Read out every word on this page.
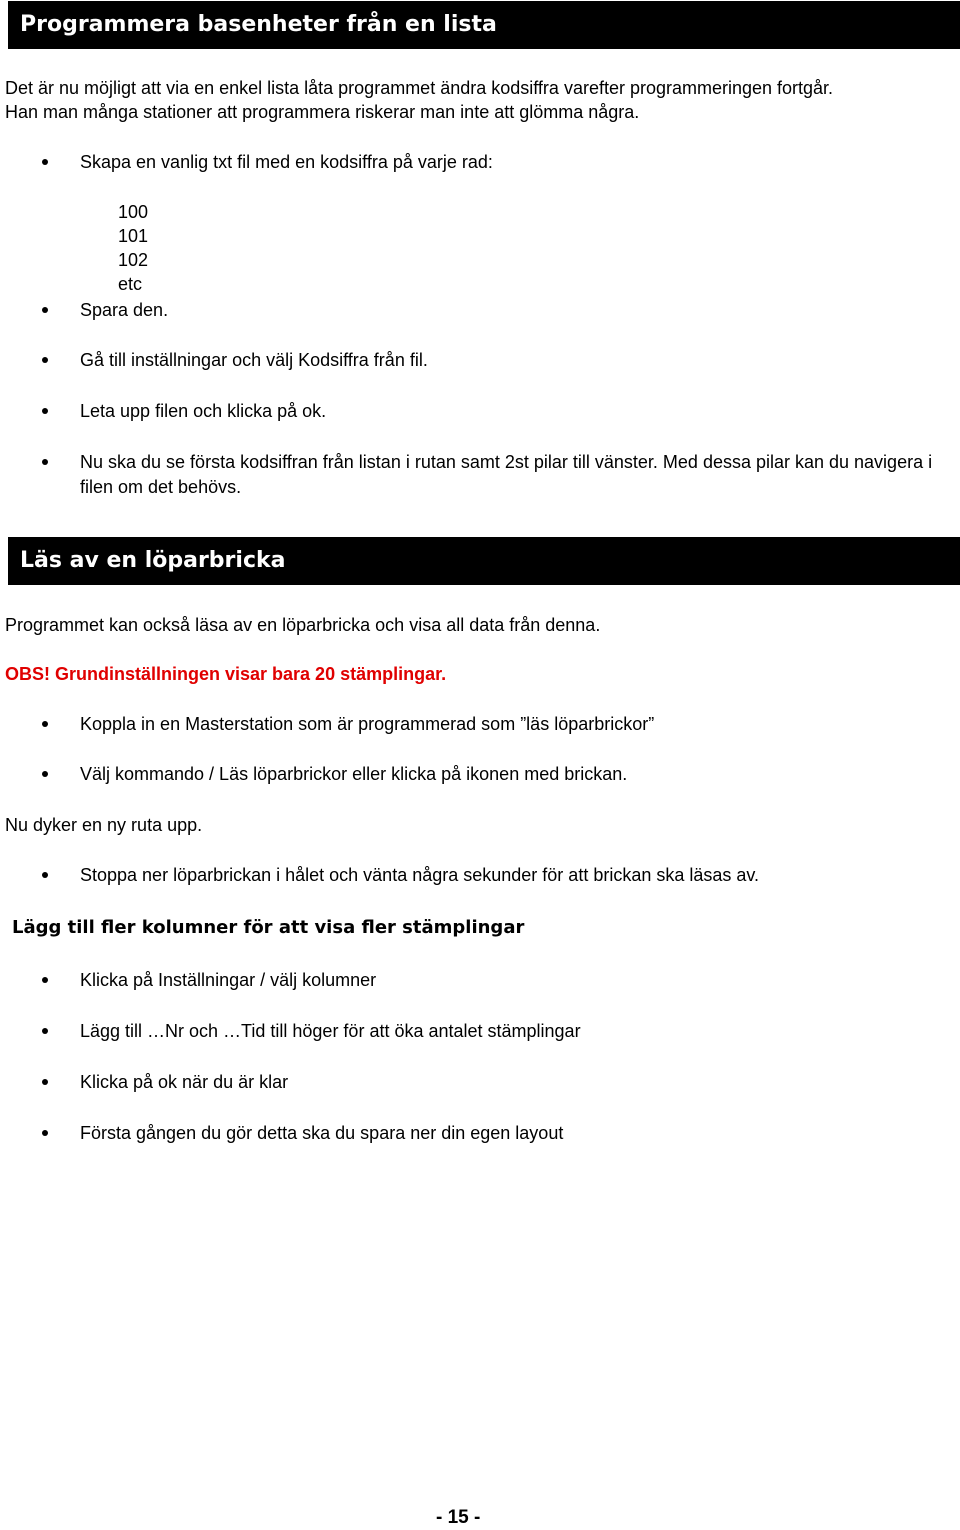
Programmera basenheter från en lista
Det är nu möjligt att via en enkel lista låta programmet ändra kodsiffra varefter programmeringen fortgår.
Han man många stationer att programmera riskerar man inte att glömma några.
Skapa en vanlig txt fil med en kodsiffra på varje rad:
100
101
102
etc
Spara den.
Gå till inställningar och välj Kodsiffra från fil.
Leta upp filen och klicka på ok.
Nu ska du se första kodsiffran från listan i rutan samt 2st pilar till vänster. Med dessa pilar kan du navigera i filen om det behövs.
Läs av en löparbricka
Programmet kan också läsa av en löparbricka och visa all data från denna.
OBS! Grundinställningen visar bara 20 stämplingar.
Koppla in en Masterstation som är programmerad som ”läs löparbrickor”
Välj kommando / Läs löparbrickor eller klicka på ikonen med brickan.
Nu dyker en ny ruta upp.
Stoppa ner löparbrickan i hålet och vänta några sekunder för att brickan ska läsas av.
Lägg till fler kolumner för att visa fler stämplingar
Klicka på Inställningar / välj kolumner
Lägg till …Nr och …Tid till höger för att öka antalet stämplingar
Klicka på ok när du är klar
Första gången du gör detta ska du spara ner din egen layout
- 15 -
